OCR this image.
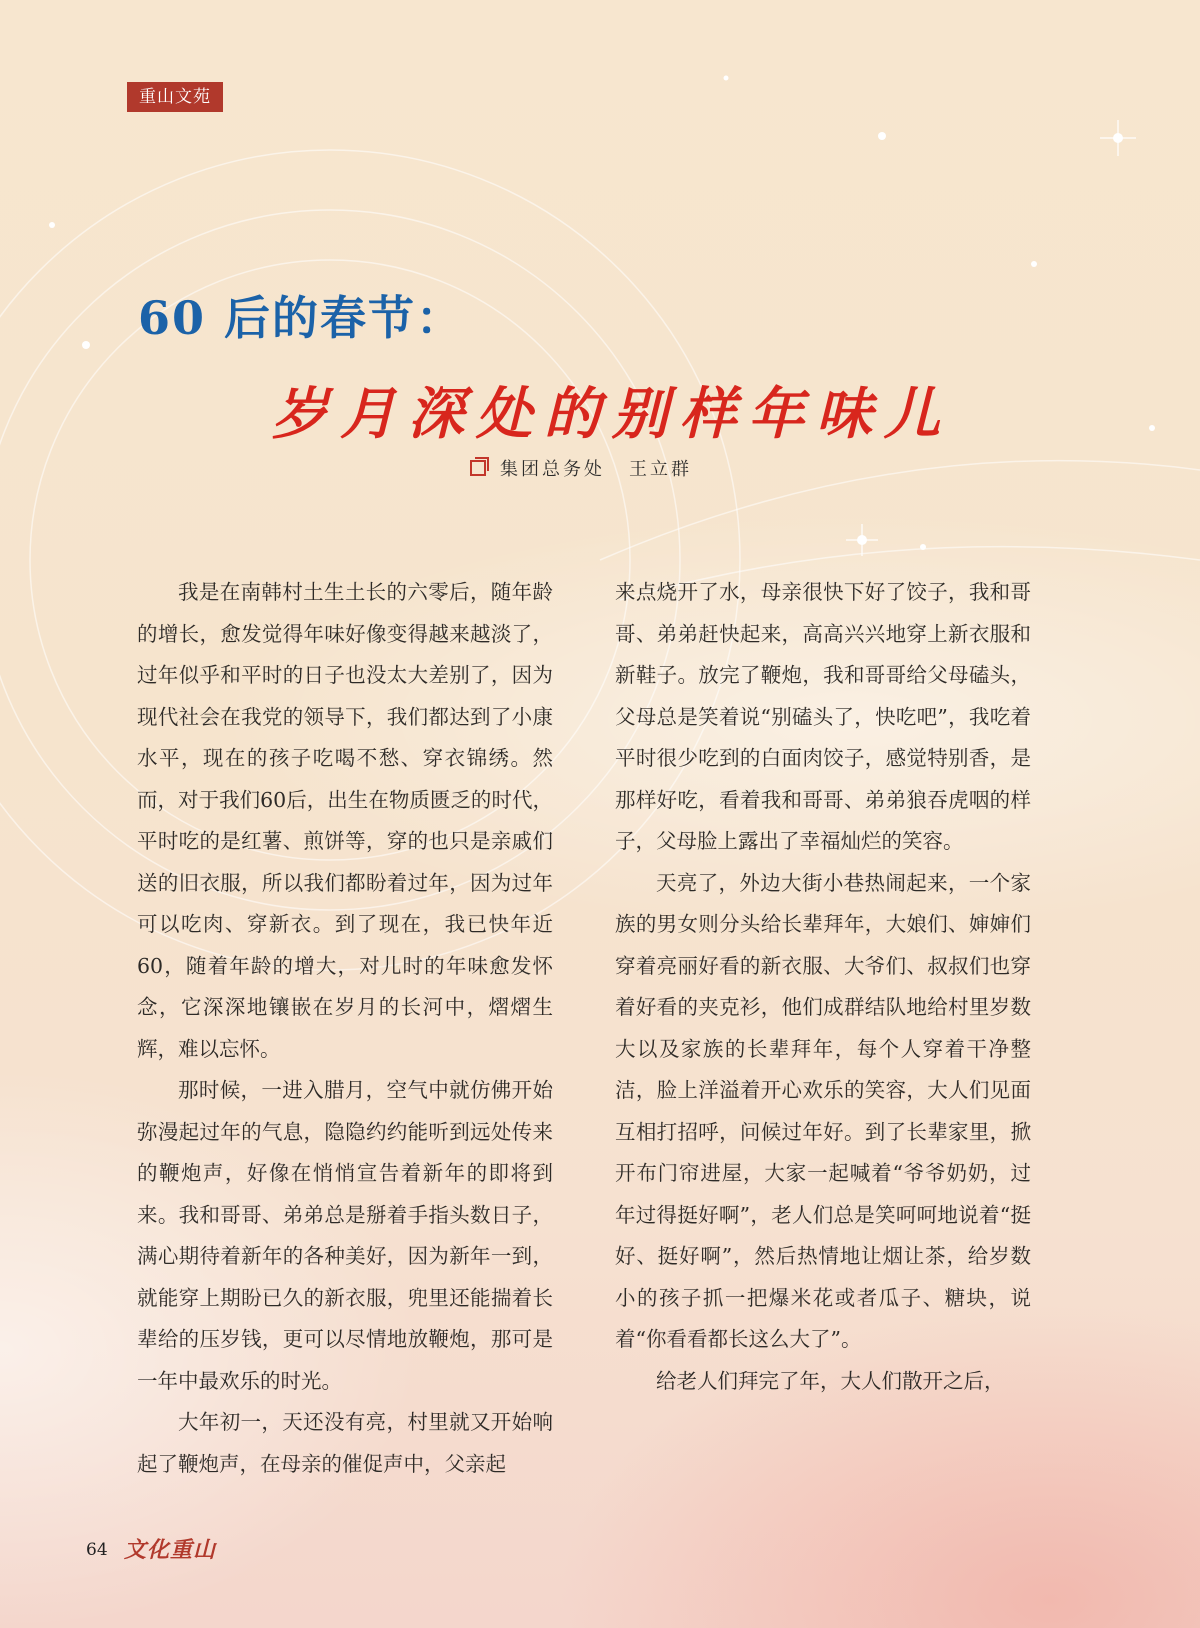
重山文苑
60 后的春节：
岁月深处的别样年味儿
集团总务处 王立群

我是在南韩村土生土长的六零后，随年龄的增长，愈发觉得年味好像变得越来越淡了，过年似乎和平时的日子也没太大差别了，因为现代社会在我党的领导下，我们都达到了小康水平，现在的孩子吃喝不愁、穿衣锦绣。然而，对于我们60后，出生在物质匮乏的时代，平时吃的是红薯、煎饼等，穿的也只是亲戚们送的旧衣服，所以我们都盼着过年，因为过年可以吃肉、穿新衣。到了现在，我已快年近60，随着年龄的增大，对儿时的年味愈发怀念，它深深地镶嵌在岁月的长河中，熠熠生辉，难以忘怀。

那时候，一进入腊月，空气中就仿佛开始弥漫起过年的气息，隐隐约约能听到远处传来的鞭炮声，好像在悄悄宣告着新年的即将到来。我和哥哥、弟弟总是掰着手指头数日子，满心期待着新年的各种美好，因为新年一到，就能穿上期盼已久的新衣服，兜里还能揣着长辈给的压岁钱，更可以尽情地放鞭炮，那可是一年中最欢乐的时光。

大年初一，天还没有亮，村里就又开始响起了鞭炮声，在母亲的催促声中，父亲起

来点烧开了水，母亲很快下好了饺子，我和哥哥、弟弟赶快起来，高高兴兴地穿上新衣服和新鞋子。放完了鞭炮，我和哥哥给父母磕头，父母总是笑着说“别磕头了，快吃吧”，我吃着平时很少吃到的白面肉饺子，感觉特别香，是那样好吃，看着我和哥哥、弟弟狼吞虎咽的样子，父母脸上露出了幸福灿烂的笑容。

天亮了，外边大街小巷热闹起来，一个家族的男女则分头给长辈拜年，大娘们、婶婶们穿着亮丽好看的新衣服、大爷们、叔叔们也穿着好看的夹克衫，他们成群结队地给村里岁数大以及家族的长辈拜年，每个人穿着干净整洁，脸上洋溢着开心欢乐的笑容，大人们见面互相打招呼，问候过年好。到了长辈家里，掀开布门帘进屋，大家一起喊着“爷爷奶奶，过年过得挺好啊”，老人们总是笑呵呵地说着“挺好、挺好啊”，然后热情地让烟让茶，给岁数小的孩子抓一把爆米花或者瓜子、糖块，说着“你看看都长这么大了”。

给老人们拜完了年，大人们散开之后，

64 文化重山
